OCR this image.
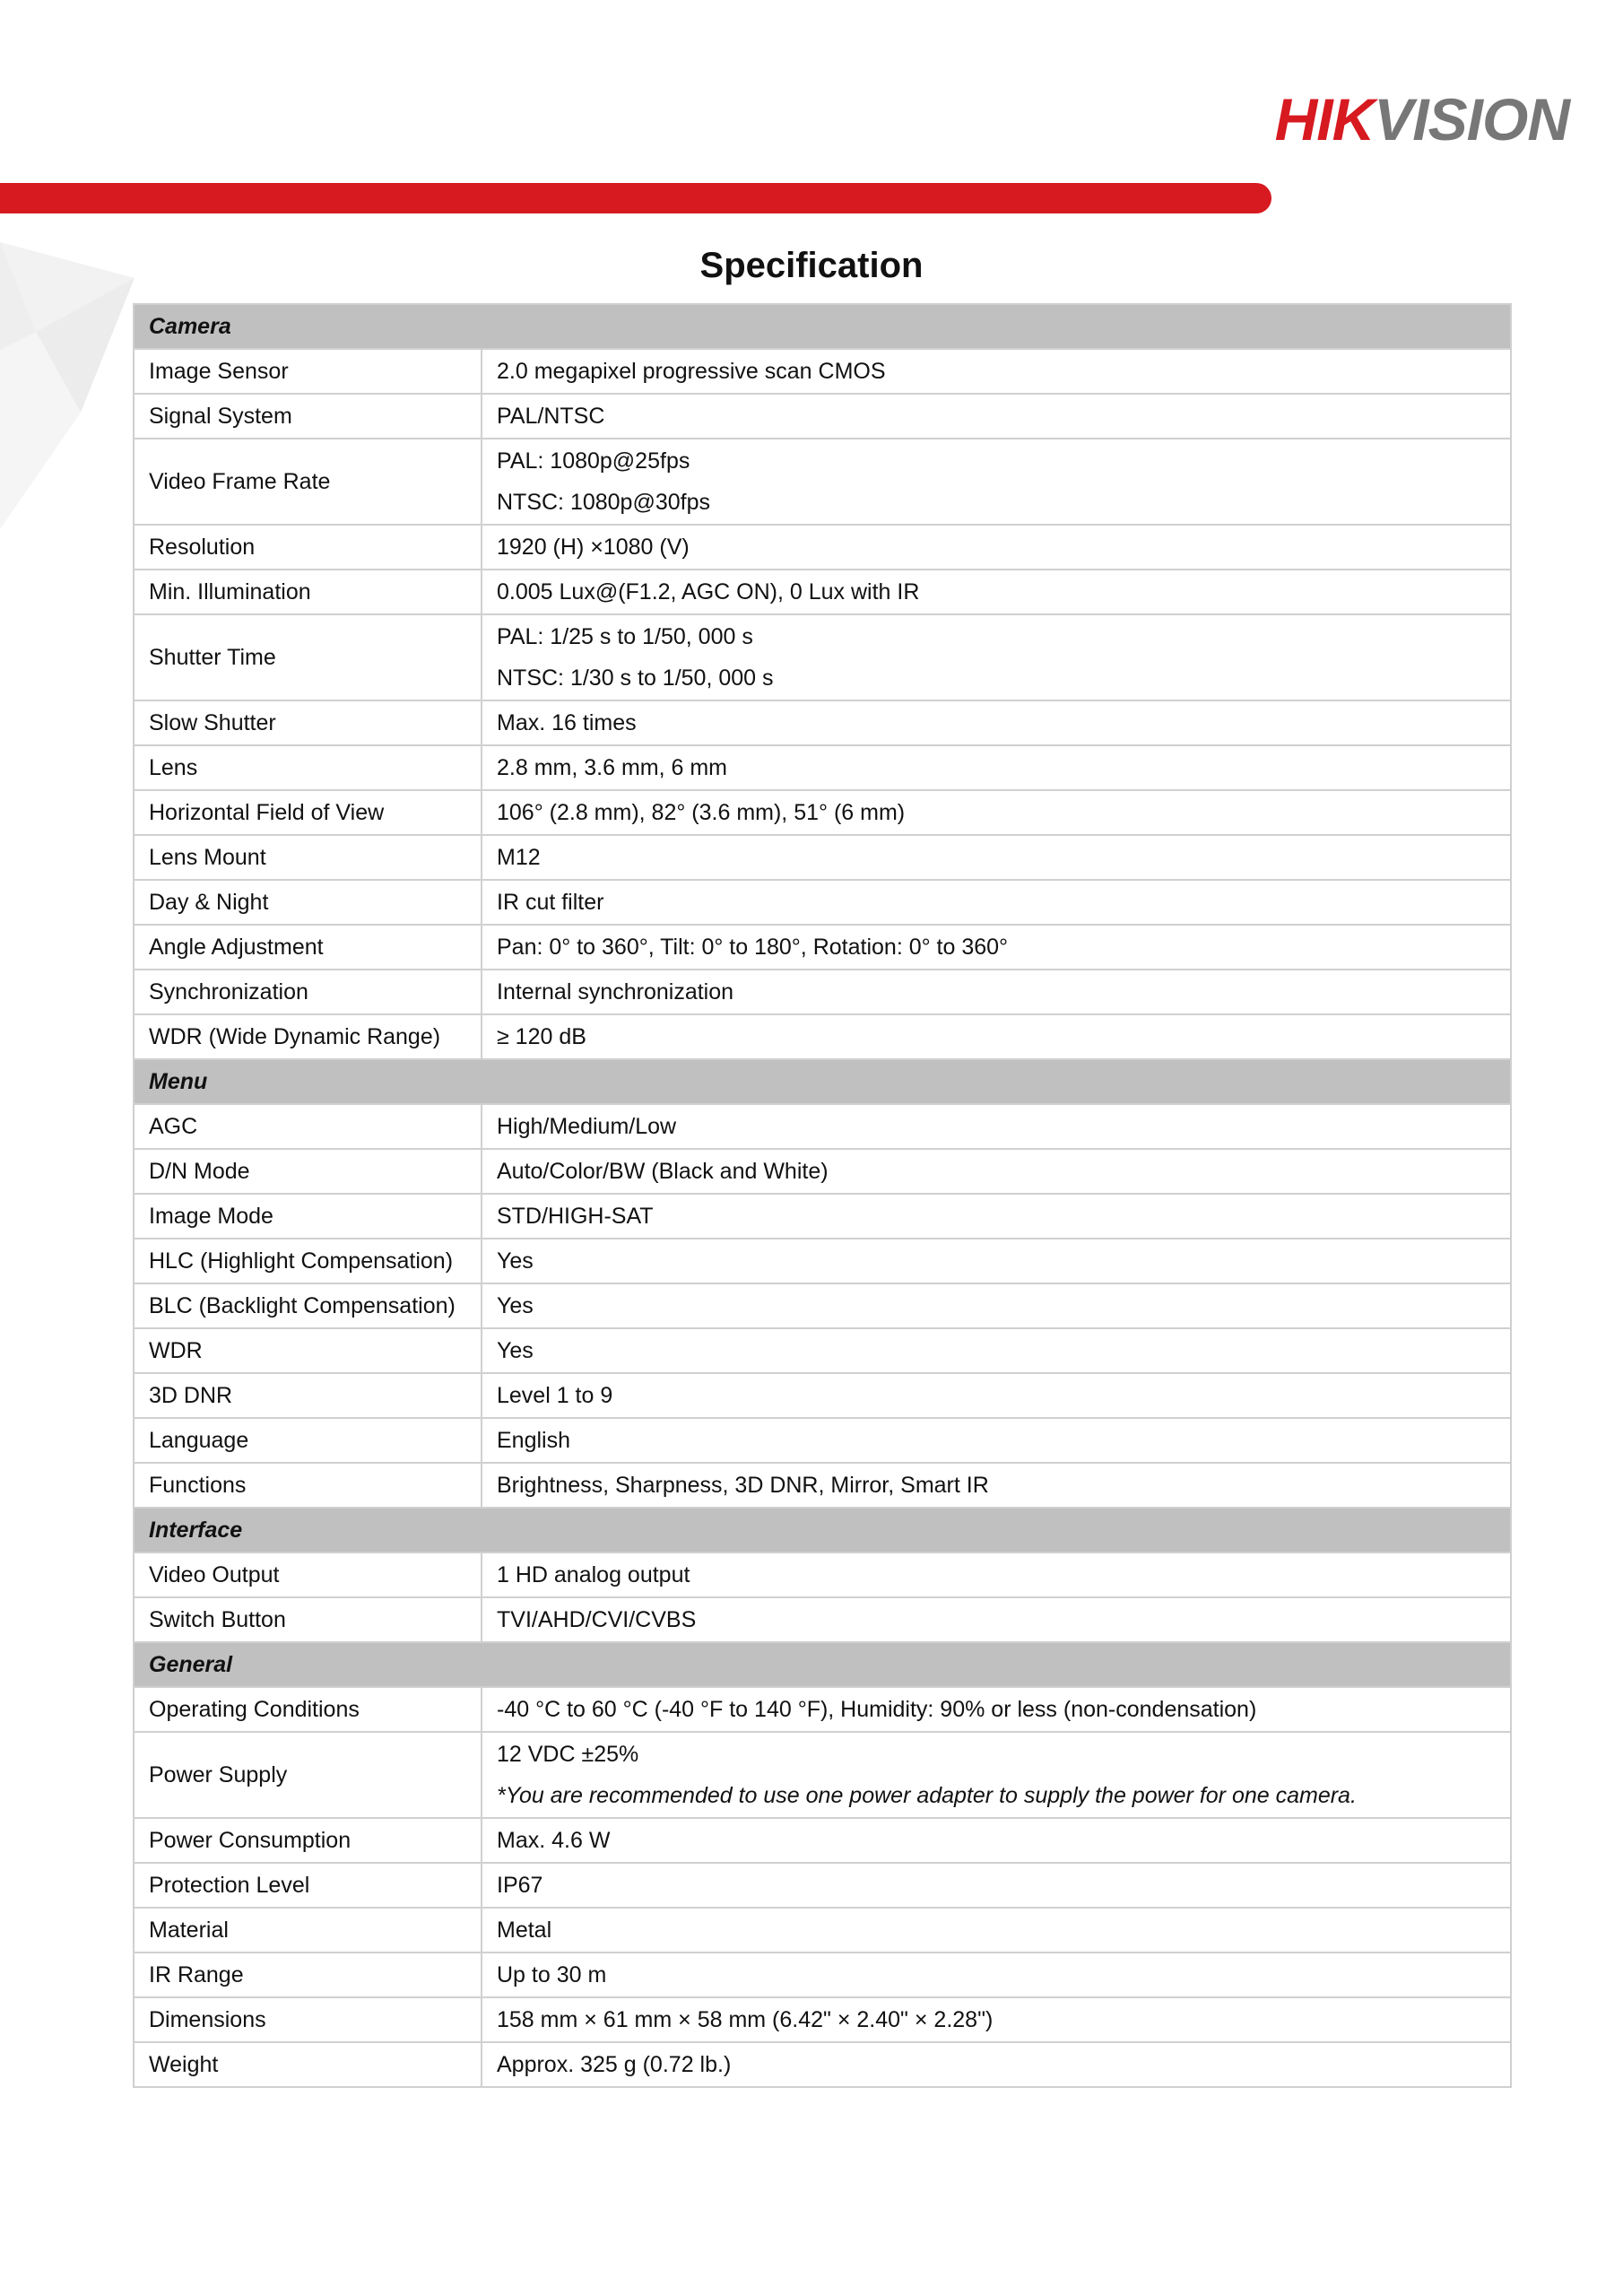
HIKVISION
Specification
Camera	
Image Sensor	2.0 megapixel progressive scan CMOS

Signal System	PAL/NTSC

Video Frame Rate	PAL: 1080p@25fps
NTSC: 1080p@30fps

Resolution	1920 (H) ×1080 (V)

Min. Illumination	0.005 Lux@(F1.2, AGC ON), 0 Lux with IR

Shutter Time	PAL: 1/25 s to 1/50, 000 s
NTSC: 1/30 s to 1/50, 000 s

Slow Shutter	Max. 16 times

Lens	2.8 mm, 3.6 mm, 6 mm

Horizontal Field of View	106° (2.8 mm), 82° (3.6 mm), 51° (6 mm)

Lens Mount	M12

Day & Night	IR cut filter

Angle Adjustment	Pan: 0° to 360°, Tilt: 0° to 180°, Rotation: 0° to 360°

Synchronization	Internal synchronization

WDR (Wide Dynamic Range)	≥ 120 dB

Menu	
AGC	High/Medium/Low

D/N Mode	Auto/Color/BW (Black and White)

Image Mode	STD/HIGH-SAT

HLC (Highlight Compensation)	Yes

BLC (Backlight Compensation)	Yes

WDR	Yes

3D DNR	Level 1 to 9

Language	English

Functions	Brightness, Sharpness, 3D DNR, Mirror, Smart IR

Interface	
Video Output	1 HD analog output

Switch Button	TVI/AHD/CVI/CVBS

General	
Operating Conditions	-40 °C to 60 °C (-40 °F to 140 °F), Humidity: 90% or less (non-condensation)

Power Supply	12 VDC ±25%
*You are recommended to use one power adapter to supply the power for one camera.

Power Consumption	Max. 4.6 W

Protection Level	IP67

Material	Metal

IR Range	Up to 30 m

Dimensions	158 mm × 61 mm × 58 mm (6.42" × 2.40" × 2.28")

Weight	Approx. 325 g (0.72 lb.)
